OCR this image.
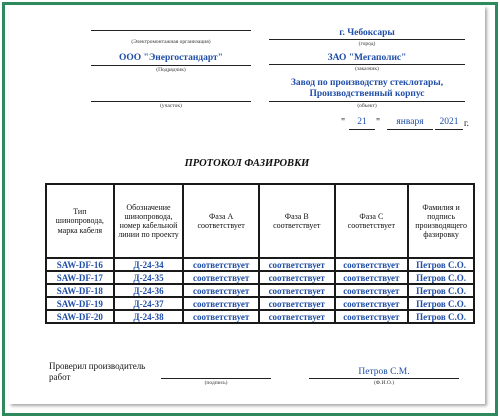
(Электромонтажная организация)
ООО "Энергостандарт"
(Подрядчик)
(участок)
г. Чебоксары
(город)
ЗАО "Мегаполис"
(заказчик)
Завод по производству стеклотары,
Производственный корпус
(объект)
"	21 "	января	2021 г.
ПРОТОКОЛ ФАЗИРОВКИ
Тип шинопровода, марка кабеля	Обозначение шинопровода, номер кабельной линии по проекту	Фаза А соответствует	Фаза В соответствует	Фаза С соответствует	Фамилия и подпись производящего фазировку
SAW-DF-16	Д-24-34	соответствует	соответствует	соответствует	Петров С.О.
SAW-DF-17	Д-24-35	соответствует	соответствует	соответствует	Петров С.О.
SAW-DF-18	Д-24-36	соответствует	соответствует	соответствует	Петров С.О.
SAW-DF-19	Д-24-37	соответствует	соответствует	соответствует	Петров С.О.
SAW-DF-20	Д-24-38	соответствует	соответствует	соответствует	Петров С.О.
Проверил производитель работ
(подпись)
Петров С.М.
(Ф.И.О.)
